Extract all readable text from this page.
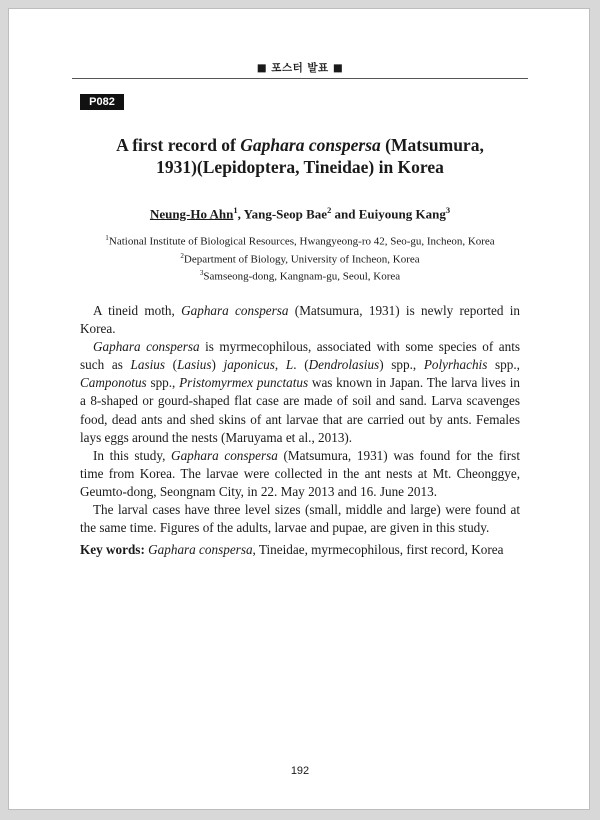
■ 포스터 발표 ■
P082
A first record of Gaphara conspersa (Matsumura,
1931)(Lepidoptera, Tineidae) in Korea
Neung-Ho Ahn$^1$, Yang-Seop Bae$^2$ and Euiyoung Kang$^3$
$^1$National Institute of Biological Resources, Hwangyeong-ro 42, Seo-gu, Incheon, Korea
$^2$Department of Biology, University of Incheon, Korea
$^3$Samseong-dong, Kangnam-gu, Seoul, Korea

A tineid moth, Gaphara conspersa (Matsumura, 1931) is newly reported in Korea.

Gaphara conspersa is myrmecophilous, associated with some species of ants such as Lasius (Lasius) japonicus, L. (Dendrolasius) spp., Polyrhachis spp., Camponotus spp., Pristomyrmex punctatus was known in Japan. The larva lives in a 8-shaped or gourd-shaped flat case are made of soil and sand. Larva scavenges food, dead ants and shed skins of ant larvae that are carried out by ants. Females lays eggs around the nests (Maruyama et al., 2013).

In this study, Gaphara conspersa (Matsumura, 1931) was found for the first time from Korea. The larvae were collected in the ant nests at Mt. Cheonggye, Geumto-dong, Seongnam City, in 22. May 2013 and 16. June 2013.

The larval cases have three level sizes (small, middle and large) were found at the same time. Figures of the adults, larvae and pupae, are given in this study.

Key words: Gaphara conspersa, Tineidae, myrmecophilous, first record, Korea
192
